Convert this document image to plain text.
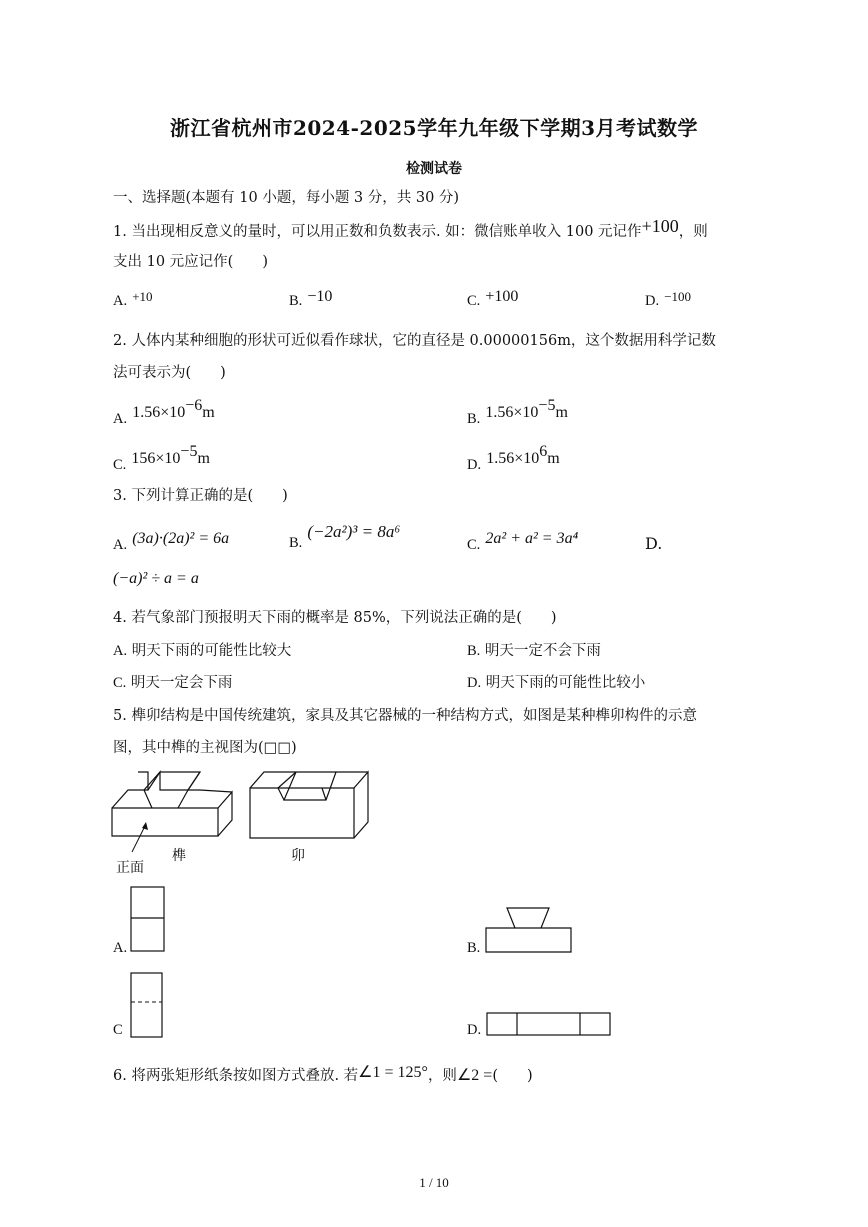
浙江省杭州市2024-2025学年九年级下学期3月考试数学
检测试卷
一、选择题(本题有 10 小题，每小题 3 分，共 30 分)
1. 当出现相反意义的量时，可以用正数和负数表示. 如：微信账单收入 100 元记作+100，则
支出 10 元应记作(　　)
A. $^{+10}$	B. −10	C. +100	D. $^{-100}$
2. 人体内某种细胞的形状可近似看作球状，它的直径是 0.00000156m，这个数据用科学记数
法可表示为(　　)
A. $1.56\times 10^{-6}m$	B. $1.56\times 10^{-5}m$
C. $156\times 10^{-5}m$	D. $1.56\times 10^6m$
3. 下列计算正确的是(　　)
A. (3a)·(2a)² = 6a	B. (−2a²)³ = 8a⁶
C. 2a² + a² = 3a⁴	D.
(−a)² ÷ a = a
4. 若气象部门预报明天下雨的概率是 85%，下列说法正确的是(　　)
A. 明天下雨的可能性比较大	B. 明天一定不会下雨
C. 明天一定会下雨	D. 明天下雨的可能性比较小
5. 榫卯结构是中国传统建筑，家具及其它器械的一种结构方式，如图是某种榫卯构件的示意
图，其中榫的主视图为(□□)
正面
榫	卯
A.	B.
C	D.
6. 将两张矩形纸条按如图方式叠放. 若∠1 = 125°，则∠2 =(　　)
1 / 10
